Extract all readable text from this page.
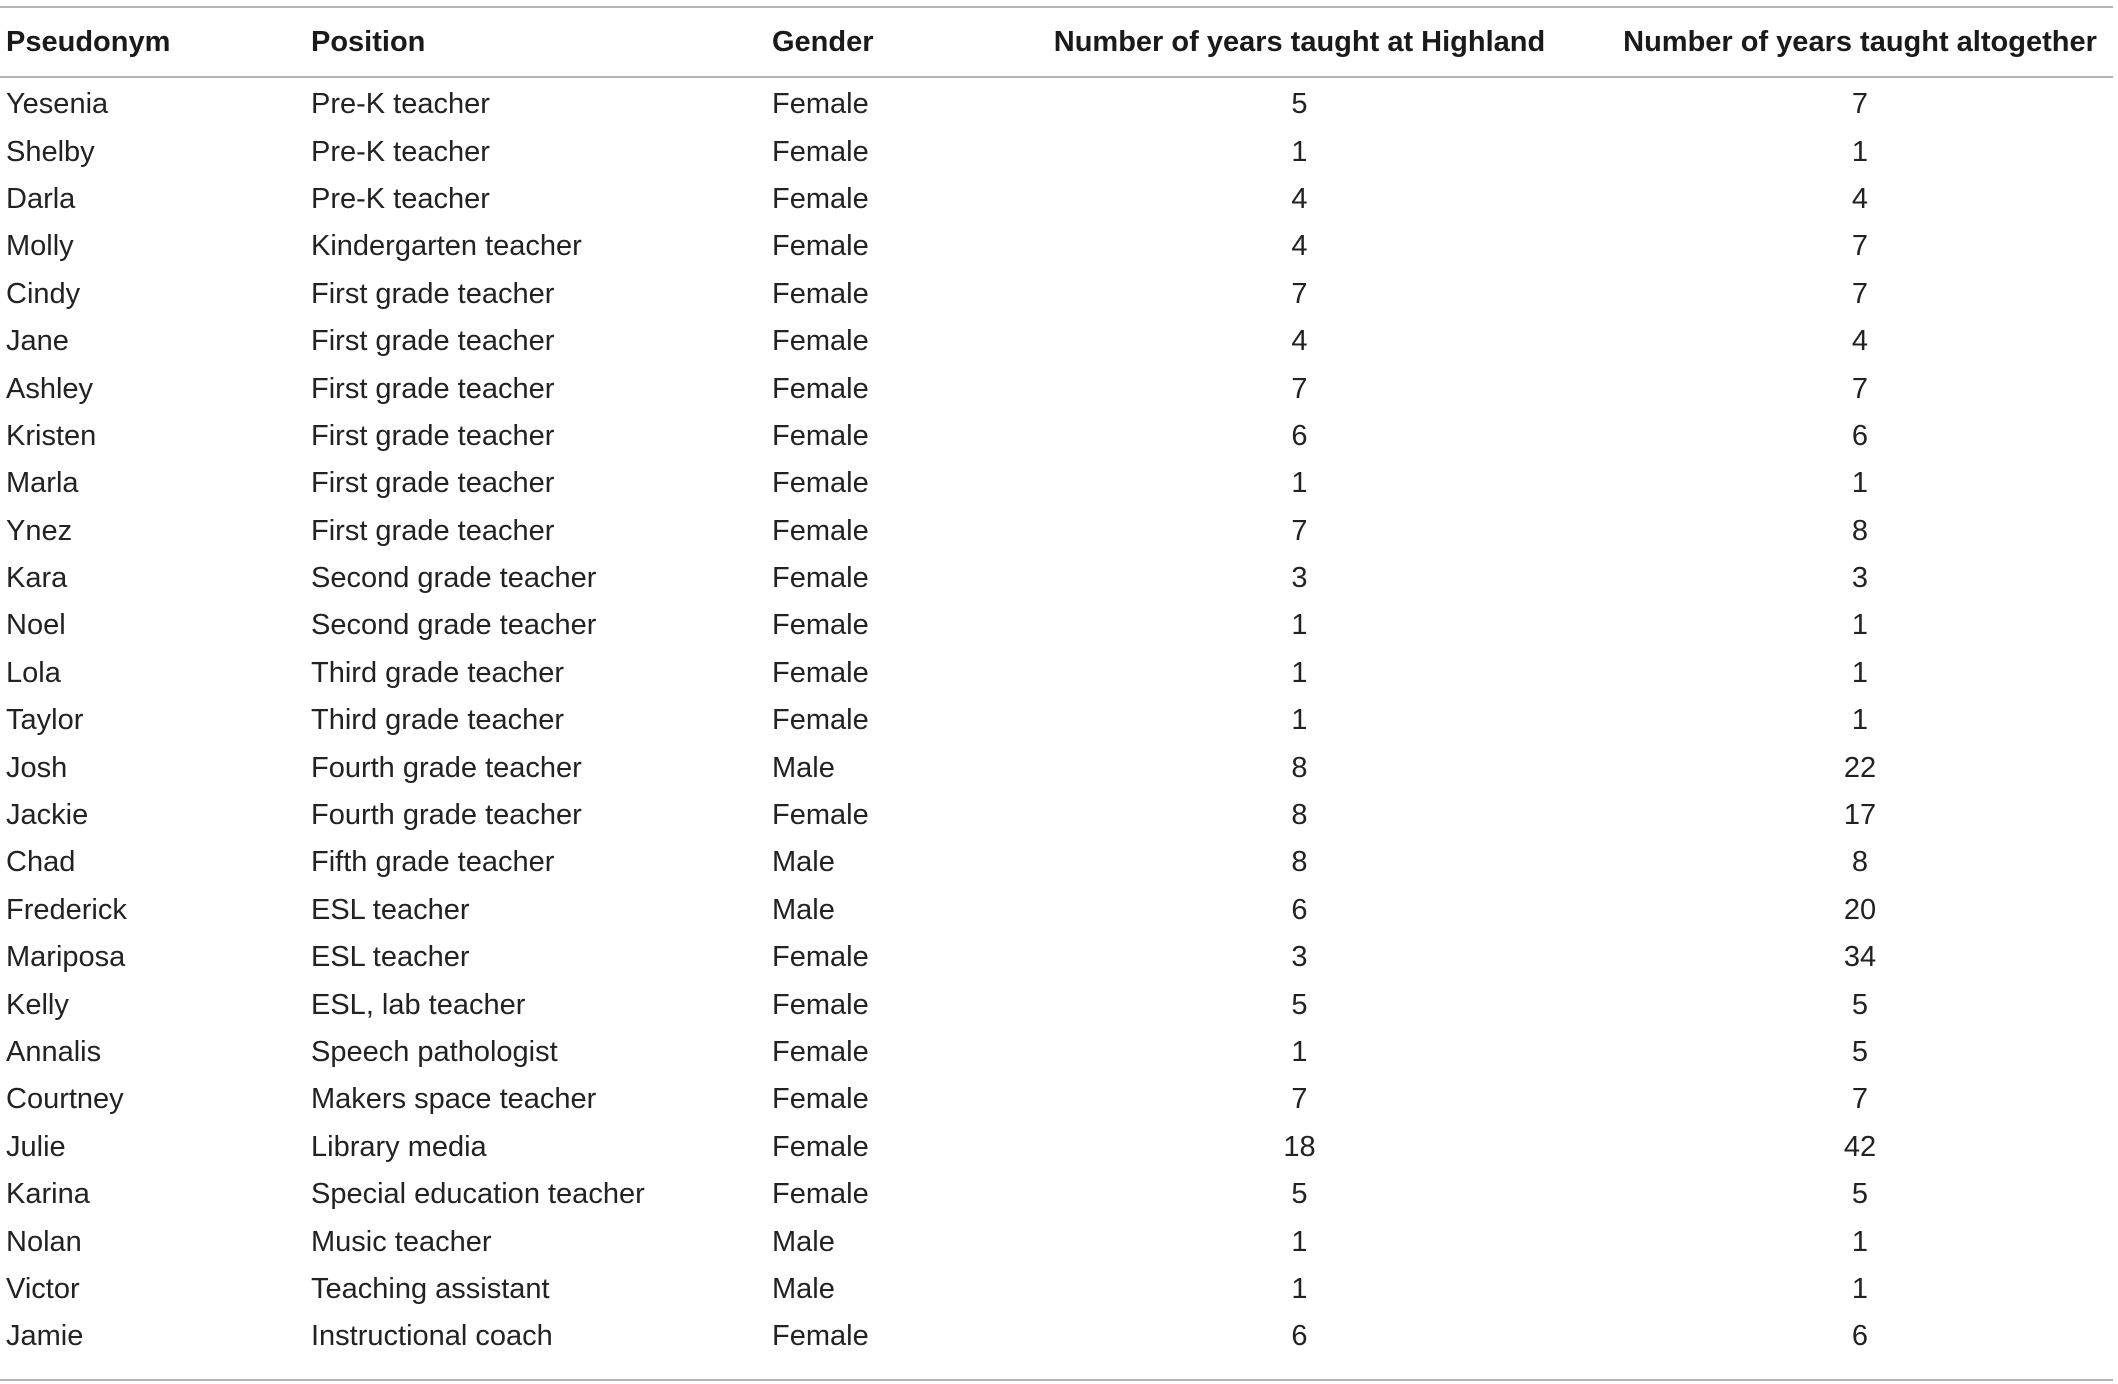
Pseudonym	Position	Gender	Number of years taught at Highland	Number of years taught altogether
Yesenia	Pre-K teacher	Female	5	7
Shelby	Pre-K teacher	Female	1	1
Darla	Pre-K teacher	Female	4	4
Molly	Kindergarten teacher	Female	4	7
Cindy	First grade teacher	Female	7	7
Jane	First grade teacher	Female	4	4
Ashley	First grade teacher	Female	7	7
Kristen	First grade teacher	Female	6	6
Marla	First grade teacher	Female	1	1
Ynez	First grade teacher	Female	7	8
Kara	Second grade teacher	Female	3	3
Noel	Second grade teacher	Female	1	1
Lola	Third grade teacher	Female	1	1
Taylor	Third grade teacher	Female	1	1
Josh	Fourth grade teacher	Male	8	22
Jackie	Fourth grade teacher	Female	8	17
Chad	Fifth grade teacher	Male	8	8
Frederick	ESL teacher	Male	6	20
Mariposa	ESL teacher	Female	3	34
Kelly	ESL, lab teacher	Female	5	5
Annalis	Speech pathologist	Female	1	5
Courtney	Makers space teacher	Female	7	7
Julie	Library media	Female	18	42
Karina	Special education teacher	Female	5	5
Nolan	Music teacher	Male	1	1
Victor	Teaching assistant	Male	1	1
Jamie	Instructional coach	Female	6	6
